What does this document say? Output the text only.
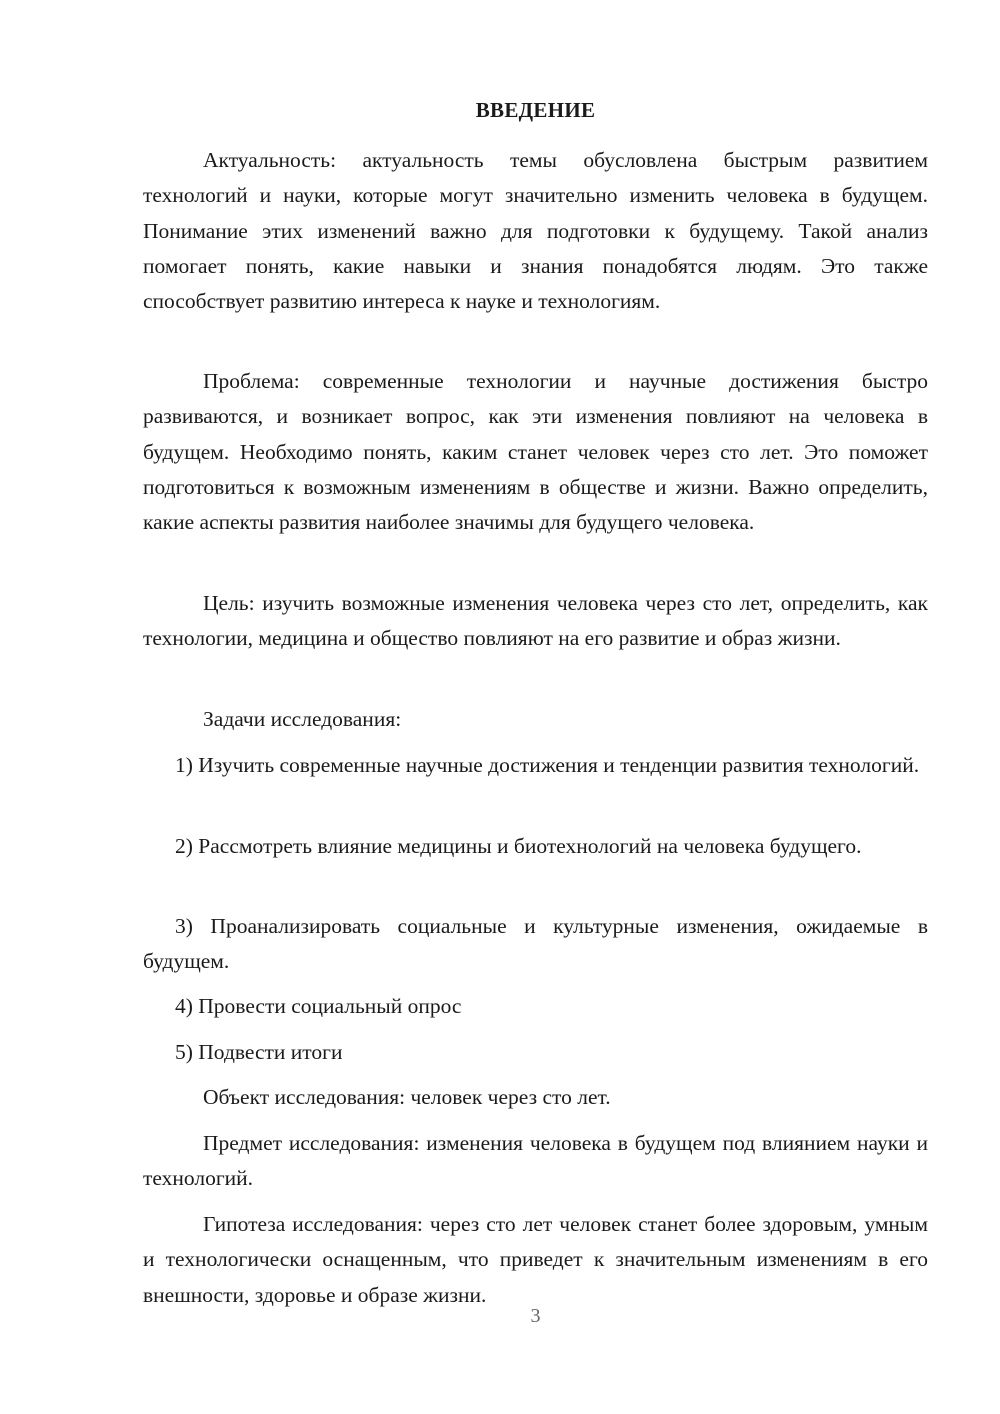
ВВЕДЕНИЕ

Актуальность: актуальность темы обусловлена быстрым развитием технологий и науки, которые могут значительно изменить человека в будущем. Понимание этих изменений важно для подготовки к будущему. Такой анализ помогает понять, какие навыки и знания понадобятся людям. Это также способствует развитию интереса к науке и технологиям.

Проблема: современные технологии и научные достижения быстро развиваются, и возникает вопрос, как эти изменения повлияют на человека в будущем. Необходимо понять, каким станет человек через сто лет. Это поможет подготовиться к возможным изменениям в обществе и жизни. Важно определить, какие аспекты развития наиболее значимы для будущего человека.

Цель: изучить возможные изменения человека через сто лет, определить, как технологии, медицина и общество повлияют на его развитие и образ жизни.

Задачи исследования:

1) Изучить современные научные достижения и тенденции развития технологий.

2) Рассмотреть влияние медицины и биотехнологий на человека будущего.

3) Проанализировать социальные и культурные изменения, ожидаемые в будущем.

4) Провести социальный опрос

5) Подвести итоги

Объект исследования: человек через сто лет.

Предмет исследования: изменения человека в будущем под влиянием науки и технологий.

Гипотеза исследования: через сто лет человек станет более здоровым, умным и технологически оснащенным, что приведет к значительным изменениям в его внешности, здоровье и образе жизни.

3
